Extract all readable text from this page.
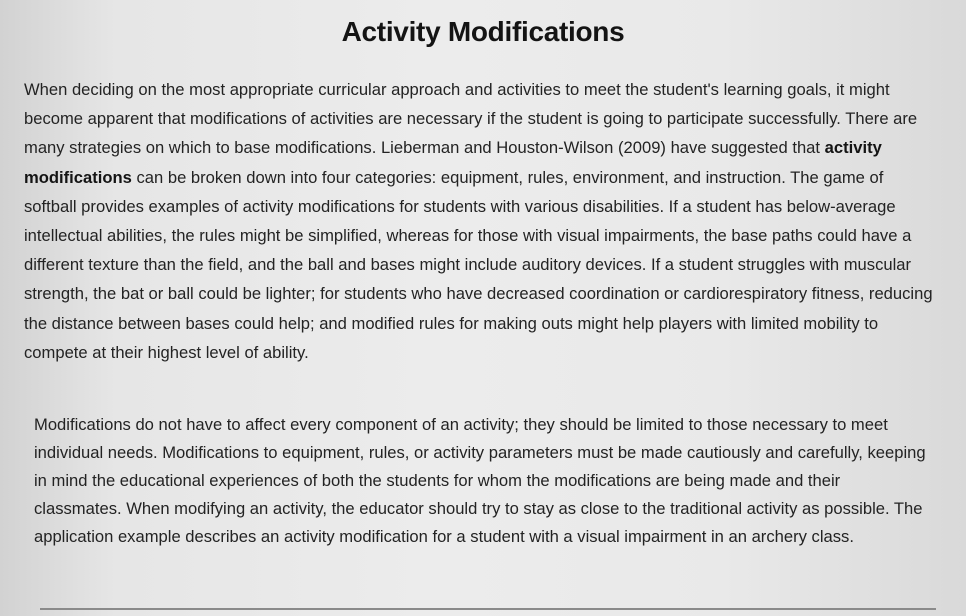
Activity Modifications

When deciding on the most appropriate curricular approach and activities to meet the student's learning goals, it might become apparent that modifications of activities are necessary if the student is going to participate successfully. There are many strategies on which to base modifications. Lieberman and Houston-Wilson (2009) have suggested that activity modifications can be broken down into four categories: equipment, rules, environment, and instruction. The game of softball provides examples of activity modifications for students with various disabilities. If a student has below-average intellectual abilities, the rules might be simplified, whereas for those with visual impairments, the base paths could have a different texture than the field, and the ball and bases might include auditory devices. If a student struggles with muscular strength, the bat or ball could be lighter; for students who have decreased coordination or cardiorespiratory fitness, reducing the distance between bases could help; and modified rules for making outs might help players with limited mobility to compete at their highest level of ability.

Modifications do not have to affect every component of an activity; they should be limited to those necessary to meet individual needs. Modifications to equipment, rules, or activity parameters must be made cautiously and carefully, keeping in mind the educational experiences of both the students for whom the modifications are being made and their classmates. When modifying an activity, the educator should try to stay as close to the traditional activity as possible. The application example describes an activity modification for a student with a visual impairment in an archery class.
